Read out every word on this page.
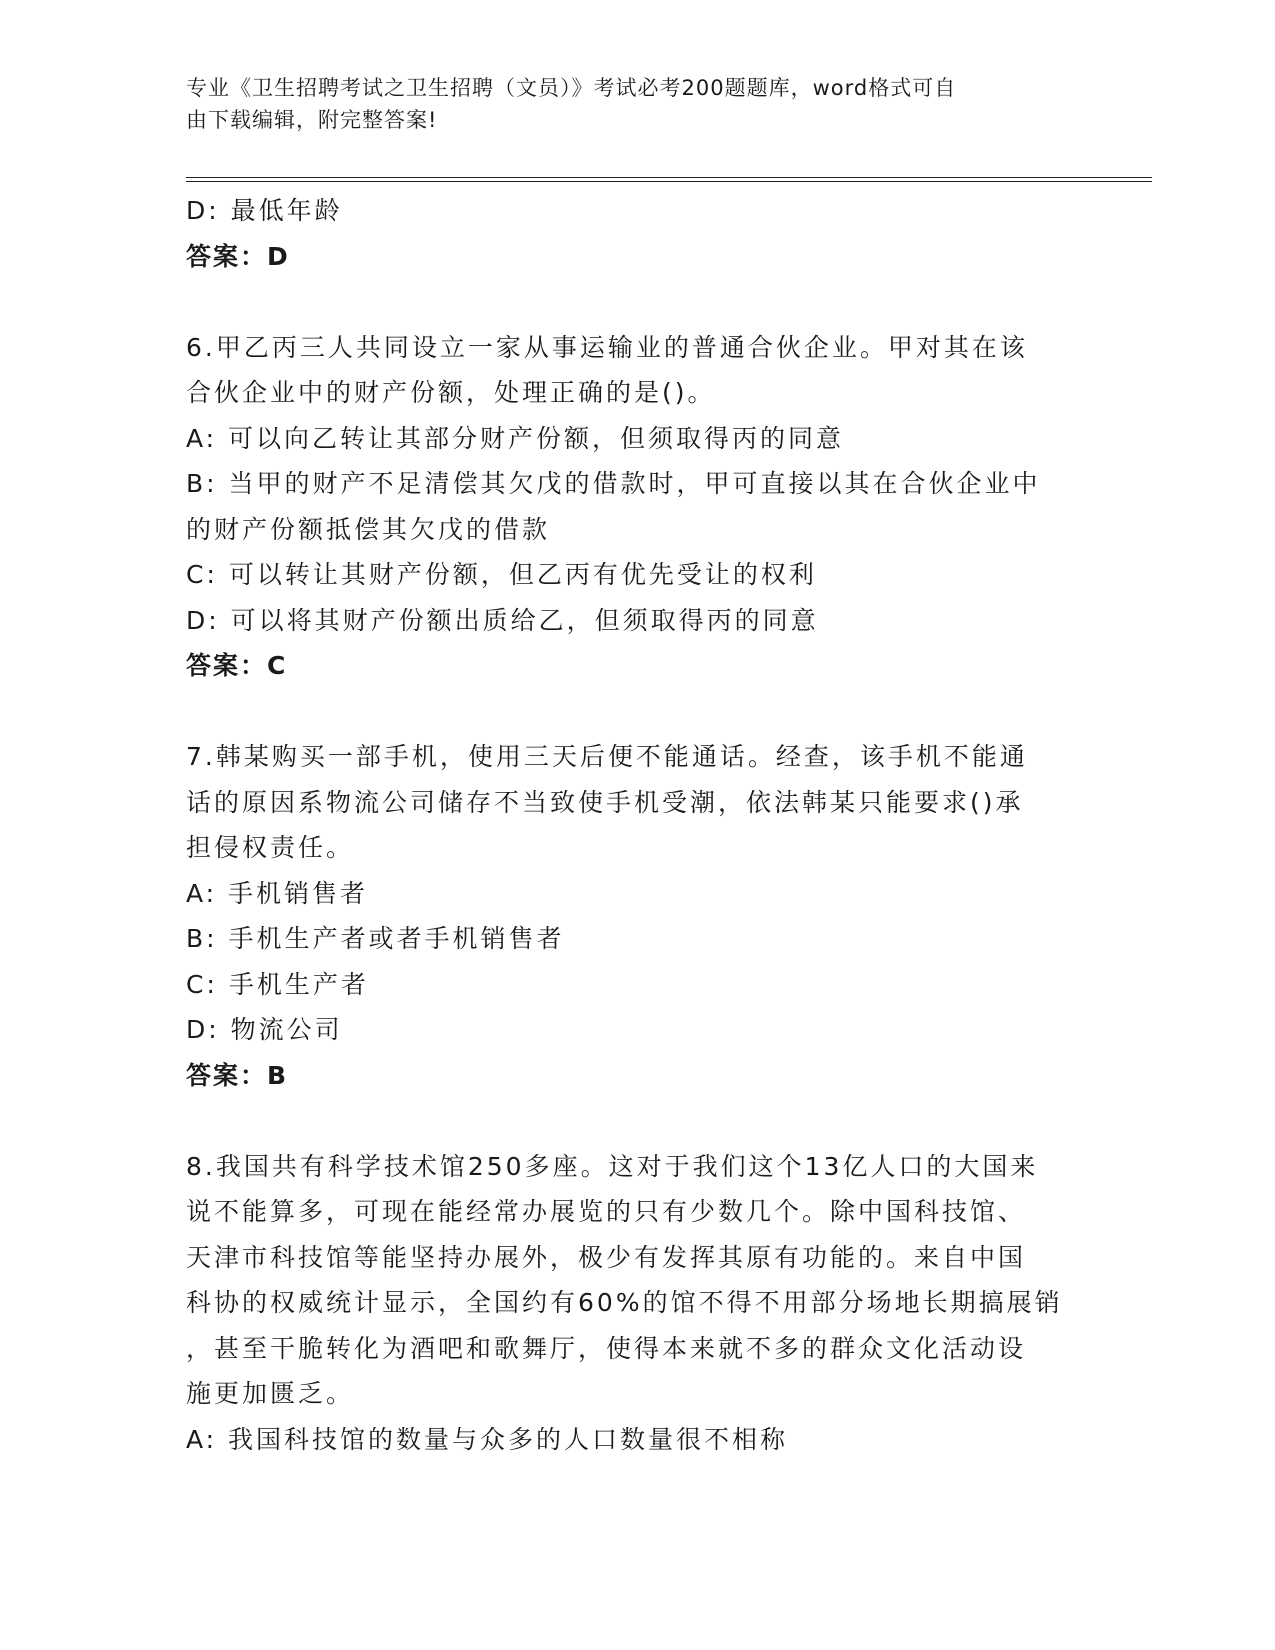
专业《卫生招聘考试之卫生招聘（文员）》考试必考200题题库，word格式可自
由下载编辑，附完整答案!
D: 最低年龄
答案：D
6.甲乙丙三人共同设立一家从事运输业的普通合伙企业。甲对其在该
合伙企业中的财产份额，处理正确的是()。
A: 可以向乙转让其部分财产份额，但须取得丙的同意
B: 当甲的财产不足清偿其欠戊的借款时，甲可直接以其在合伙企业中
的财产份额抵偿其欠戊的借款
C: 可以转让其财产份额，但乙丙有优先受让的权利
D: 可以将其财产份额出质给乙，但须取得丙的同意
答案：C
7.韩某购买一部手机，使用三天后便不能通话。经查，该手机不能通
话的原因系物流公司储存不当致使手机受潮，依法韩某只能要求()承
担侵权责任。
A: 手机销售者
B: 手机生产者或者手机销售者
C: 手机生产者
D: 物流公司
答案：B
8.我国共有科学技术馆250多座。这对于我们这个13亿人口的大国来
说不能算多，可现在能经常办展览的只有少数几个。除中国科技馆、
天津市科技馆等能坚持办展外，极少有发挥其原有功能的。来自中国
科协的权威统计显示，全国约有60%的馆不得不用部分场地长期搞展销
，甚至干脆转化为酒吧和歌舞厅，使得本来就不多的群众文化活动设
施更加匮乏。
A: 我国科技馆的数量与众多的人口数量很不相称
